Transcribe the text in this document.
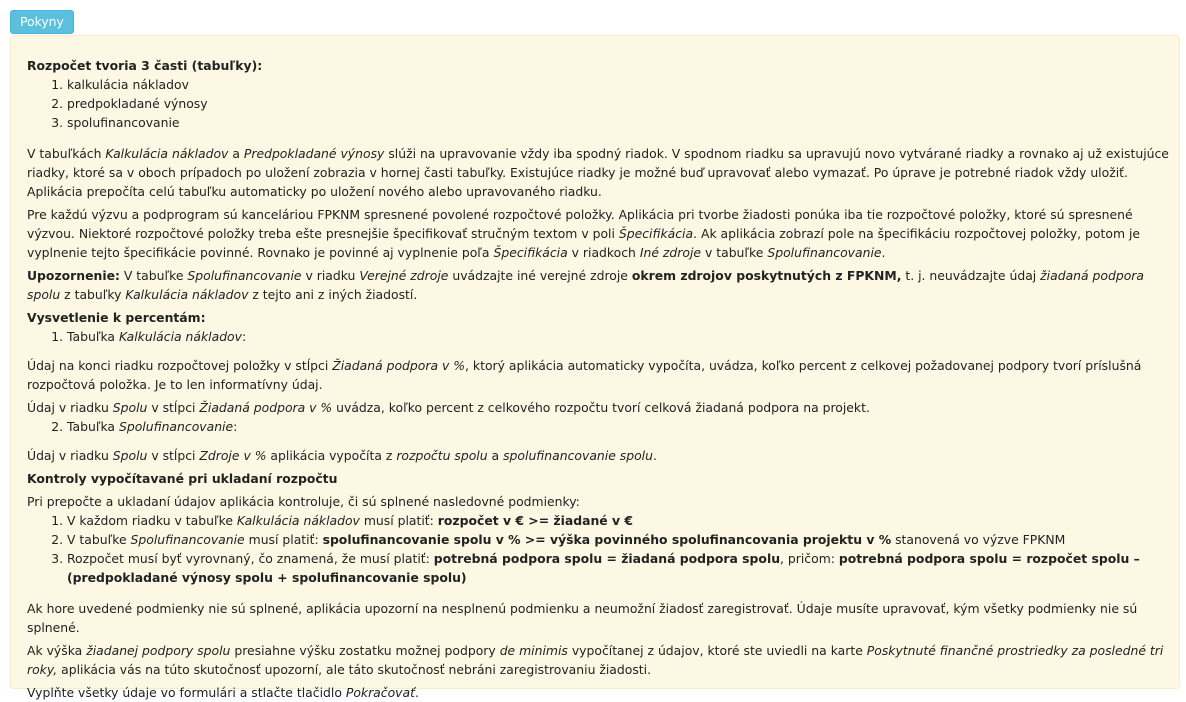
Pokyny

Rozpočet tvoria 3 časti (tabuľky):

1. kalkulácia nákladov
2. predpokladané výnosy
3. spolufinancovanie

V tabuľkách Kalkulácia nákladov a Predpokladané výnosy slúži na upravovanie vždy iba spodný riadok. V spodnom riadku sa upravujú novo vytvárané riadky a rovnako aj už existujúce riadky, ktoré sa v oboch prípadoch po uložení zobrazia v hornej časti tabuľky. Existujúce riadky je možné buď upravovať alebo vymazať. Po úprave je potrebné riadok vždy uložiť. Aplikácia prepočíta celú tabuľku automaticky po uložení nového alebo upravovaného riadku.

Pre každú výzvu a podprogram sú kanceláriou FPKNM spresnené povolené rozpočtové položky. Aplikácia pri tvorbe žiadosti ponúka iba tie rozpočtové položky, ktoré sú spresnené výzvou. Niektoré rozpočtové položky treba ešte presnejšie špecifikovať stručným textom v poli Špecifikácia. Ak aplikácia zobrazí pole na špecifikáciu rozpočtovej položky, potom je vyplnenie tejto špecifikácie povinné. Rovnako je povinné aj vyplnenie poľa Špecifikácia v riadkoch Iné zdroje v tabuľke Spolufinancovanie.

Upozornenie: V tabuľke Spolufinancovanie v riadku Verejné zdroje uvádzajte iné verejné zdroje okrem zdrojov poskytnutých z FPKNM, t. j. neuvádzajte údaj žiadaná podpora spolu z tabuľky Kalkulácia nákladov z tejto ani z iných žiadostí.

Vysvetlenie k percentám:

1. Tabuľka Kalkulácia nákladov:

Údaj na konci riadku rozpočtovej položky v stĺpci Žiadaná podpora v %, ktorý aplikácia automaticky vypočíta, uvádza, koľko percent z celkovej požadovanej podpory tvorí príslušná rozpočtová položka. Je to len informatívny údaj.

Údaj v riadku Spolu v stĺpci Žiadaná podpora v % uvádza, koľko percent z celkového rozpočtu tvorí celková žiadaná podpora na projekt.

2. Tabuľka Spolufinancovanie:

Údaj v riadku Spolu v stĺpci Zdroje v % aplikácia vypočíta z rozpočtu spolu a spolufinancovanie spolu.

Kontroly vypočítavané pri ukladaní rozpočtu

Pri prepočte a ukladaní údajov aplikácia kontroluje, či sú splnené nasledovné podmienky:

1. V každom riadku v tabuľke Kalkulácia nákladov musí platiť: rozpočet v € >= žiadané v €
2. V tabuľke Spolufinancovanie musí platiť: spolufinancovanie spolu v % >= výška povinného spolufinancovania projektu v % stanovená vo výzve FPKNM
3. Rozpočet musí byť vyrovnaný, čo znamená, že musí platiť: potrebná podpora spolu = žiadaná podpora spolu, pričom: potrebná podpora spolu = rozpočet spolu – (predpokladané výnosy spolu + spolufinancovanie spolu)

Ak hore uvedené podmienky nie sú splnené, aplikácia upozorní na nesplnenú podmienku a neumožní žiadosť zaregistrovať. Údaje musíte upravovať, kým všetky podmienky nie sú splnené.

Ak výška žiadanej podpory spolu presiahne výšku zostatku možnej podpory de minimis vypočítanej z údajov, ktoré ste uviedli na karte Poskytnuté finančné prostriedky za posledné tri roky, aplikácia vás na túto skutočnosť upozorní, ale táto skutočnosť nebráni zaregistrovaniu žiadosti.

Vyplňte všetky údaje vo formulári a stlačte tlačidlo Pokračovať.
